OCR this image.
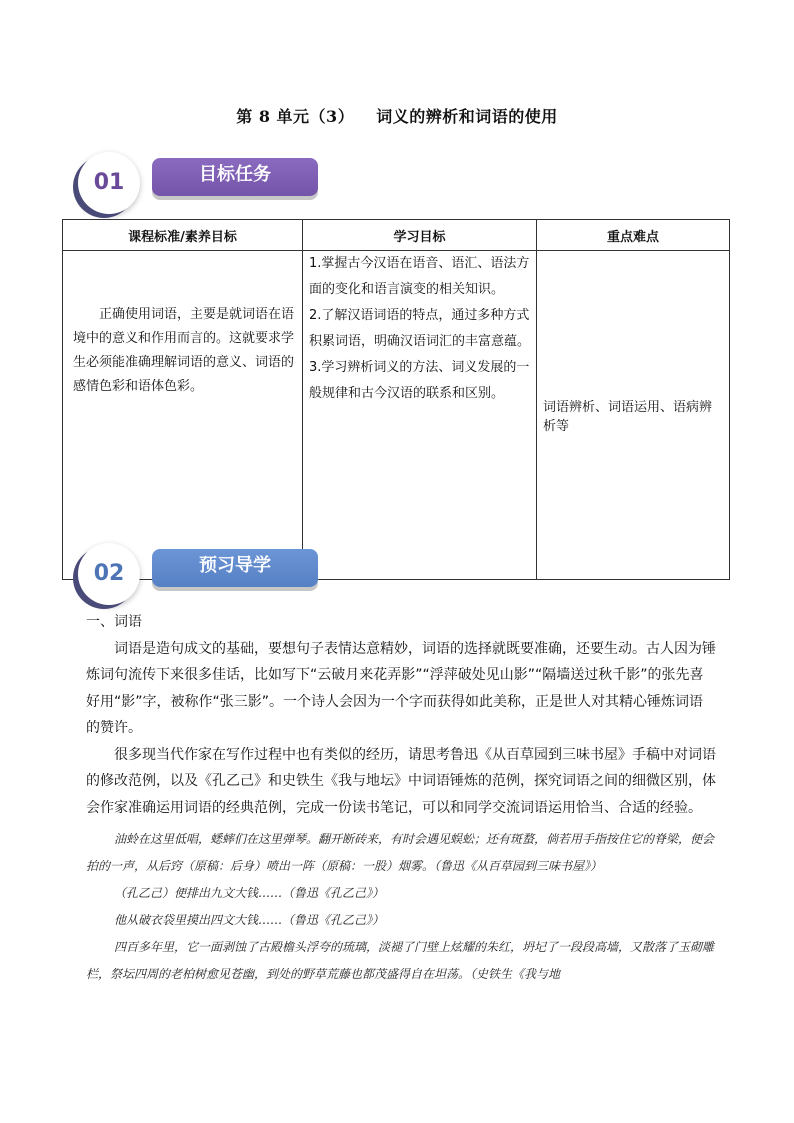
第 8 单元（3） 词义的辨析和词语的使用
01	目标任务
课程标准/素养目标	学习目标	重点难点
正确使用词语，主要是就词语在语境中的意义和作用而言的。这就要求学生必须能准确理解词语的意义、词语的感情色彩和语体色彩。	1.掌握古今汉语在语音、语汇、语法方面的变化和语言演变的相关知识。
2.了解汉语词语的特点，通过多种方式积累词语，明确汉语词汇的丰富意蕴。
3.学习辨析词义的方法、词义发展的一般规律和古今汉语的联系和区别。	词语辨析、词语运用、语病辨析等
02	预习导学

一、词语

词语是造句成文的基础，要想句子表情达意精妙，词语的选择就既要准确，还要生动。古人因为锤炼词句流传下来很多佳话，比如写下“云破月来花弄影”“浮萍破处见山影”“隔墙送过秋千影”的张先喜好用“影”字，被称作“张三影”。一个诗人会因为一个字而获得如此美称，正是世人对其精心锤炼词语的赞许。

很多现当代作家在写作过程中也有类似的经历，请思考鲁迅《从百草园到三味书屋》手稿中对词语的修改范例，以及《孔乙己》和史铁生《我与地坛》中词语锤炼的范例，探究词语之间的细微区别，体会作家准确运用词语的经典范例，完成一份读书笔记，可以和同学交流词语运用恰当、合适的经验。

油蛉在这里低唱，蟋蟀们在这里弹琴。翻开断砖来，有时会遇见蜈蚣；还有斑蝥，倘若用手指按住它的脊梁，便会拍的一声，从后窍（原稿：后身）喷出一阵（原稿：一股）烟雾。（鲁迅《从百草园到三味书屋》）

（孔乙己）便排出九文大钱……（鲁迅《孔乙己》）

他从破衣袋里摸出四文大钱……（鲁迅《孔乙己》）

四百多年里，它一面剥蚀了古殿檐头浮夸的琉璃，淡褪了门壁上炫耀的朱红，坍圮了一段段高墙，又散落了玉砌雕栏，祭坛四周的老柏树愈见苍幽，到处的野草荒藤也都茂盛得自在坦荡。（史铁生《我与地
